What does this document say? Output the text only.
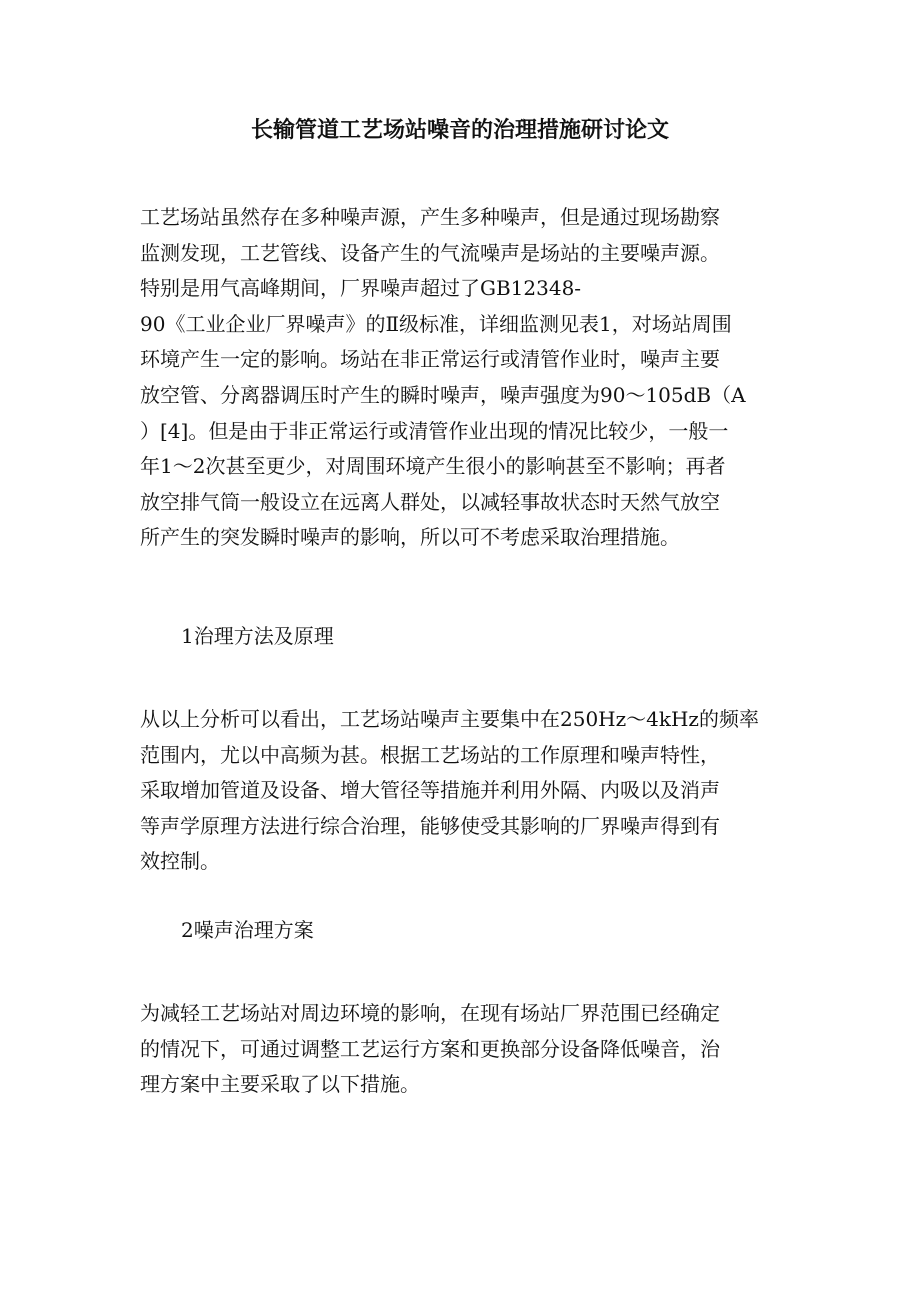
长输管道工艺场站噪音的治理措施研讨论文
工艺场站虽然存在多种噪声源，产生多种噪声，但是通过现场勘察
监测发现，工艺管线、设备产生的气流噪声是场站的主要噪声源。
特别是用气高峰期间，厂界噪声超过了GB12348-
90《工业企业厂界噪声》的Ⅱ级标准，详细监测见表1，对场站周围
环境产生一定的影响。场站在非正常运行或清管作业时，噪声主要
放空管、分离器调压时产生的瞬时噪声，噪声强度为90～105dB（A
）[4]。但是由于非正常运行或清管作业出现的情况比较少，一般一
年1～2次甚至更少，对周围环境产生很小的影响甚至不影响；再者
放空排气筒一般设立在远离人群处，以减轻事故状态时天然气放空
所产生的突发瞬时噪声的影响，所以可不考虑采取治理措施。
1治理方法及原理
从以上分析可以看出，工艺场站噪声主要集中在250Hz～4kHz的频率
范围内，尤以中高频为甚。根据工艺场站的工作原理和噪声特性，
采取增加管道及设备、增大管径等措施并利用外隔、内吸以及消声
等声学原理方法进行综合治理，能够使受其影响的厂界噪声得到有
效控制。
2噪声治理方案
为减轻工艺场站对周边环境的影响，在现有场站厂界范围已经确定
的情况下，可通过调整工艺运行方案和更换部分设备降低噪音，治
理方案中主要采取了以下措施。
